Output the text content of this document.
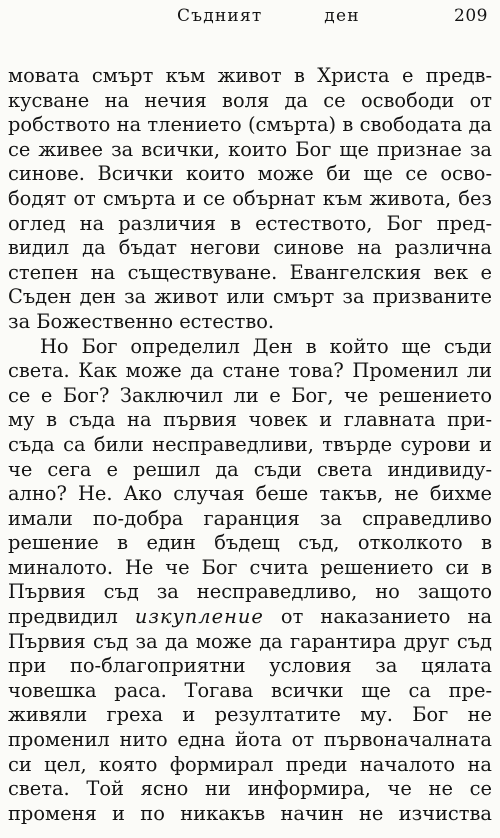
Съдният   ден	209
мовата смърт към живот в Христа е предв-
кусване на нечия воля да се освободи от
робството на тлението (смърта) в свободата да
се живее за всички, които Бог ще признае за
синове. Всички които може би ще се осво-
бодят от смърта и се обърнат към живота, без
оглед на различия в естеството, Бог пред-
видил да бъдат негови синове на различна
степен на съществуване. Евангелския век е
Съден ден за живот или смърт за призваните
за Божественно естество.
Но Бог определил Ден в който ще съди
света. Как може да стане това? Променил ли
се е Бог? Заключил ли е Бог, че решението
му в съда на първия човек и главната при-
съда са били несправедливи, твърде сурови и
че сега е решил да съди света индивиду-
ално? Не. Ако случая беше такъв, не бихме
имали по-добра гаранция за справедливо
решение в един бъдещ съд, отколкото в
миналото. Не че Бог счита решението си в
Първия съд за несправедливо, но защото
предвидил изкупление от наказанието на
Първия съд за да може да гарантира друг съд
при по-благоприятни условия за цялата
човешка раса. Тогава всички ще са пре-
живяли греха и резултатите му. Бог не
променил нито една йота от първоначалната
си цел, която формирал преди началото на
света. Той ясно ни информира, че не се
променя и по никакъв начин не изчиства
